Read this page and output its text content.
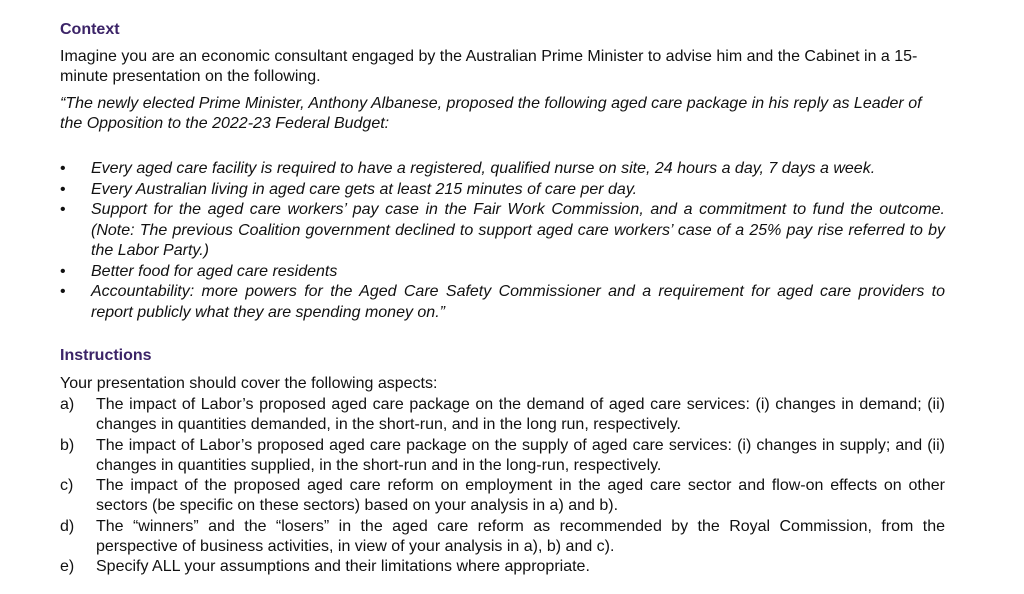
Context

Imagine you are an economic consultant engaged by the Australian Prime Minister to advise him and the Cabinet in a 15-minute presentation on the following.

“The newly elected Prime Minister, Anthony Albanese, proposed the following aged care package in his reply as Leader of the Opposition to the 2022-23 Federal Budget:

• Every aged care facility is required to have a registered, qualified nurse on site, 24 hours a day, 7 days a week.
• Every Australian living in aged care gets at least 215 minutes of care per day.
• Support for the aged care workers’ pay case in the Fair Work Commission, and a commitment to fund the outcome. (Note: The previous Coalition government declined to support aged care workers’ case of a 25% pay rise referred to by the Labor Party.)
• Better food for aged care residents
• Accountability: more powers for the Aged Care Safety Commissioner and a requirement for aged care providers to report publicly what they are spending money on.”
Instructions

Your presentation should cover the following aspects:

a) The impact of Labor’s proposed aged care package on the demand of aged care services: (i) changes in demand; (ii) changes in quantities demanded, in the short-run, and in the long run, respectively.
b) The impact of Labor’s proposed aged care package on the supply of aged care services: (i) changes in supply; and (ii) changes in quantities supplied, in the short-run and in the long-run, respectively.
c) The impact of the proposed aged care reform on employment in the aged care sector and flow-on effects on other sectors (be specific on these sectors) based on your analysis in a) and b).
d) The “winners” and the “losers” in the aged care reform as recommended by the Royal Commission, from the perspective of business activities, in view of your analysis in a), b) and c).
e) Specify ALL your assumptions and their limitations where appropriate.
